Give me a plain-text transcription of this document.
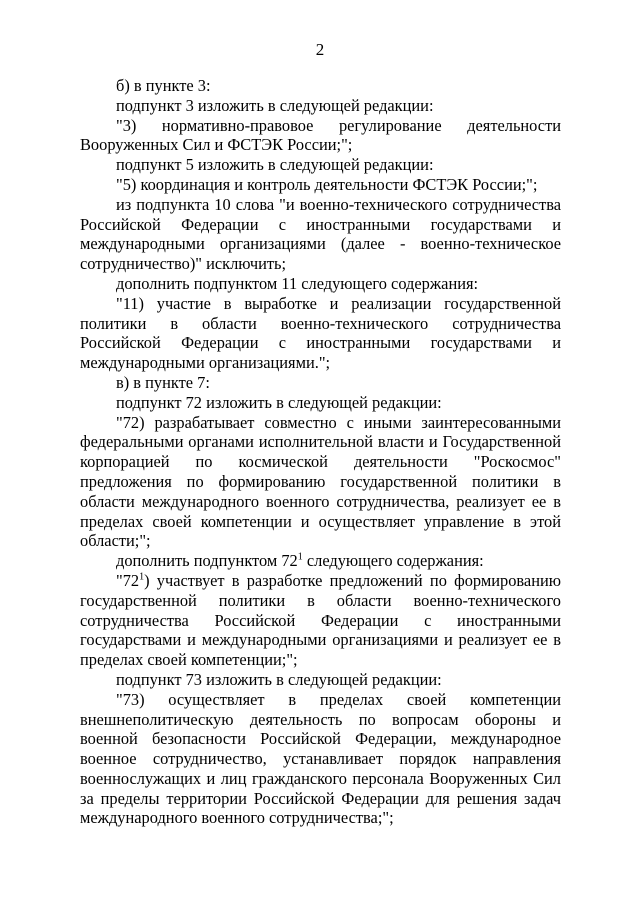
2

б) в пункте 3:

подпункт 3 изложить в следующей редакции:

"3) нормативно-правовое регулирование деятельности Вооруженных Сил и ФСТЭК России;";

подпункт 5 изложить в следующей редакции:

"5) координация и контроль деятельности ФСТЭК России;";

из подпункта 10 слова "и военно-технического сотрудничества Российской Федерации с иностранными государствами и международными организациями (далее - военно-техническое сотрудничество)" исключить;

дополнить подпунктом 11 следующего содержания:

"11) участие в выработке и реализации государственной политики в области военно-технического сотрудничества Российской Федерации с иностранными государствами и международными организациями.";

в) в пункте 7:

подпункт 72 изложить в следующей редакции:

"72) разрабатывает совместно с иными заинтересованными федеральными органами исполнительной власти и Государственной корпорацией по космической деятельности "Роскосмос" предложения по формированию государственной политики в области международного военного сотрудничества, реализует ее в пределах своей компетенции и осуществляет управление в этой области;";

дополнить подпунктом $72^1$ следующего содержания:

"$72^1$) участвует в разработке предложений по формированию государственной политики в области военно-технического сотрудничества Российской Федерации с иностранными государствами и международными организациями и реализует ее в пределах своей компетенции;";

подпункт 73 изложить в следующей редакции:

"73) осуществляет в пределах своей компетенции внешнеполитическую деятельность по вопросам обороны и военной безопасности Российской Федерации, международное военное сотрудничество, устанавливает порядок направления военнослужащих и лиц гражданского персонала Вооруженных Сил за пределы территории Российской Федерации для решения задач международного военного сотрудничества;";
